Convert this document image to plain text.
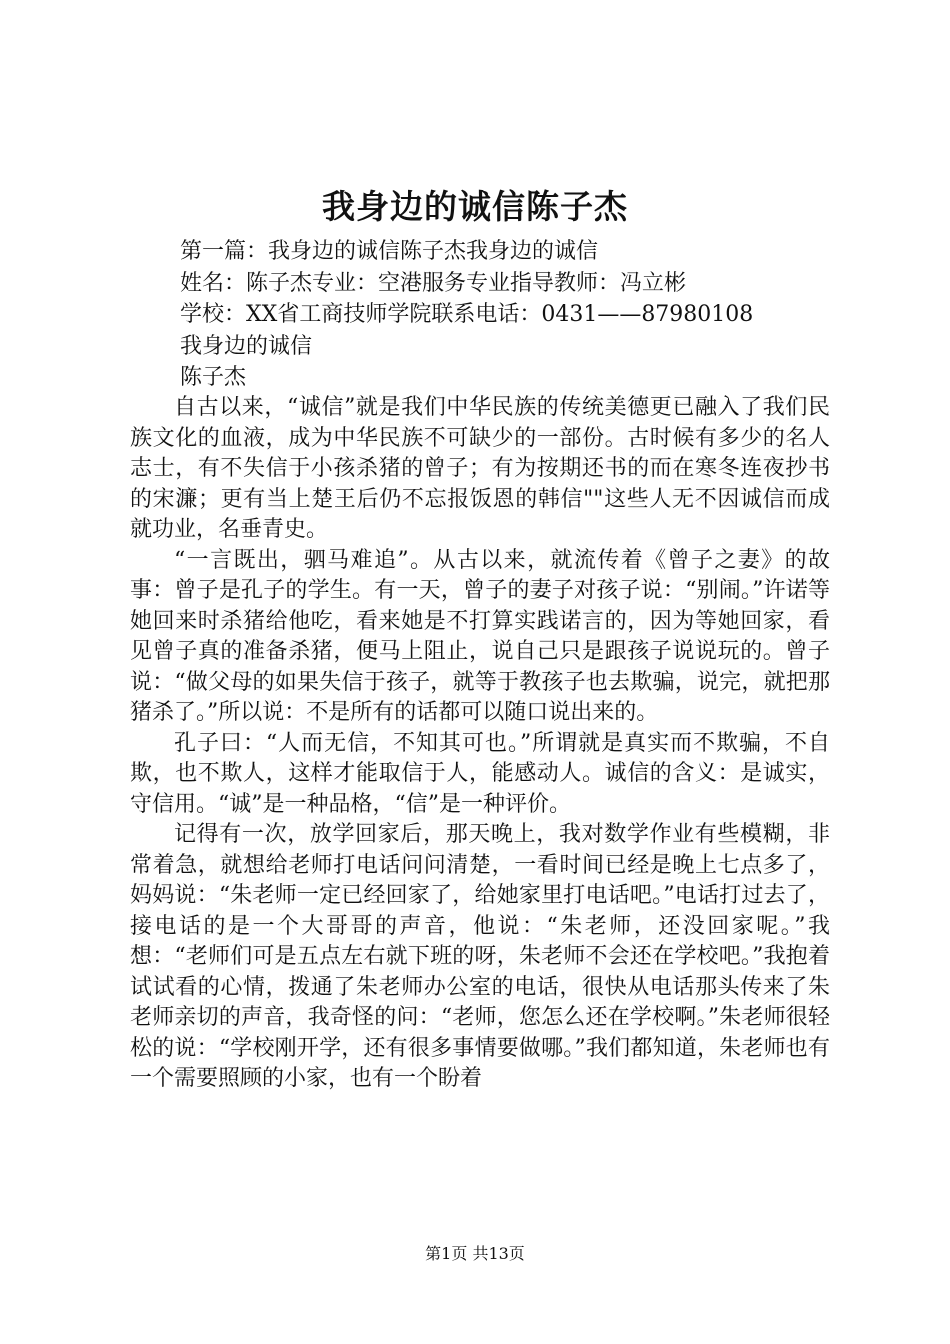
我身边的诚信陈子杰
第一篇：我身边的诚信陈子杰我身边的诚信
姓名：陈子杰专业：空港服务专业指导教师：冯立彬
学校：XX省工商技师学院联系电话：0431——87980108
我身边的诚信
陈子杰

自古以来，“诚信”就是我们中华民族的传统美德更已融入了我们民族文化的血液，成为中华民族不可缺少的一部份。古时候有多少的名人志士，有不失信于小孩杀猪的曾子；有为按期还书的而在寒冬连夜抄书的宋濂；更有当上楚王后仍不忘报饭恩的韩信""这些人无不因诚信而成就功业，名垂青史。

“一言既出，驷马难追”。从古以来，就流传着《曾子之妻》的故事：曾子是孔子的学生。有一天，曾子的妻子对孩子说：“别闹。”许诺等她回来时杀猪给他吃，看来她是不打算实践诺言的，因为等她回家，看见曾子真的准备杀猪，便马上阻止，说自己只是跟孩子说说玩的。曾子说：“做父母的如果失信于孩子，就等于教孩子也去欺骗，说完，就把那猪杀了。”所以说：不是所有的话都可以随口说出来的。

孔子曰：“人而无信，不知其可也。”所谓就是真实而不欺骗，不自欺，也不欺人，这样才能取信于人，能感动人。诚信的含义：是诚实，守信用。“诚”是一种品格，“信”是一种评价。

记得有一次，放学回家后，那天晚上，我对数学作业有些模糊，非常着急，就想给老师打电话问问清楚，一看时间已经是晚上七点多了，妈妈说：“朱老师一定已经回家了，给她家里打电话吧。”电话打过去了，接电话的是一个大哥哥的声音，他说：“朱老师，还没回家呢。”我想：“老师们可是五点左右就下班的呀，朱老师不会还在学校吧。”我抱着试试看的心情，拨通了朱老师办公室的电话，很快从电话那头传来了朱老师亲切的声音，我奇怪的问：“老师，您怎么还在学校啊。”朱老师很轻松的说：“学校刚开学，还有很多事情要做哪。”我们都知道，朱老师也有一个需要照顾的小家，也有一个盼着

第1页 共13页
